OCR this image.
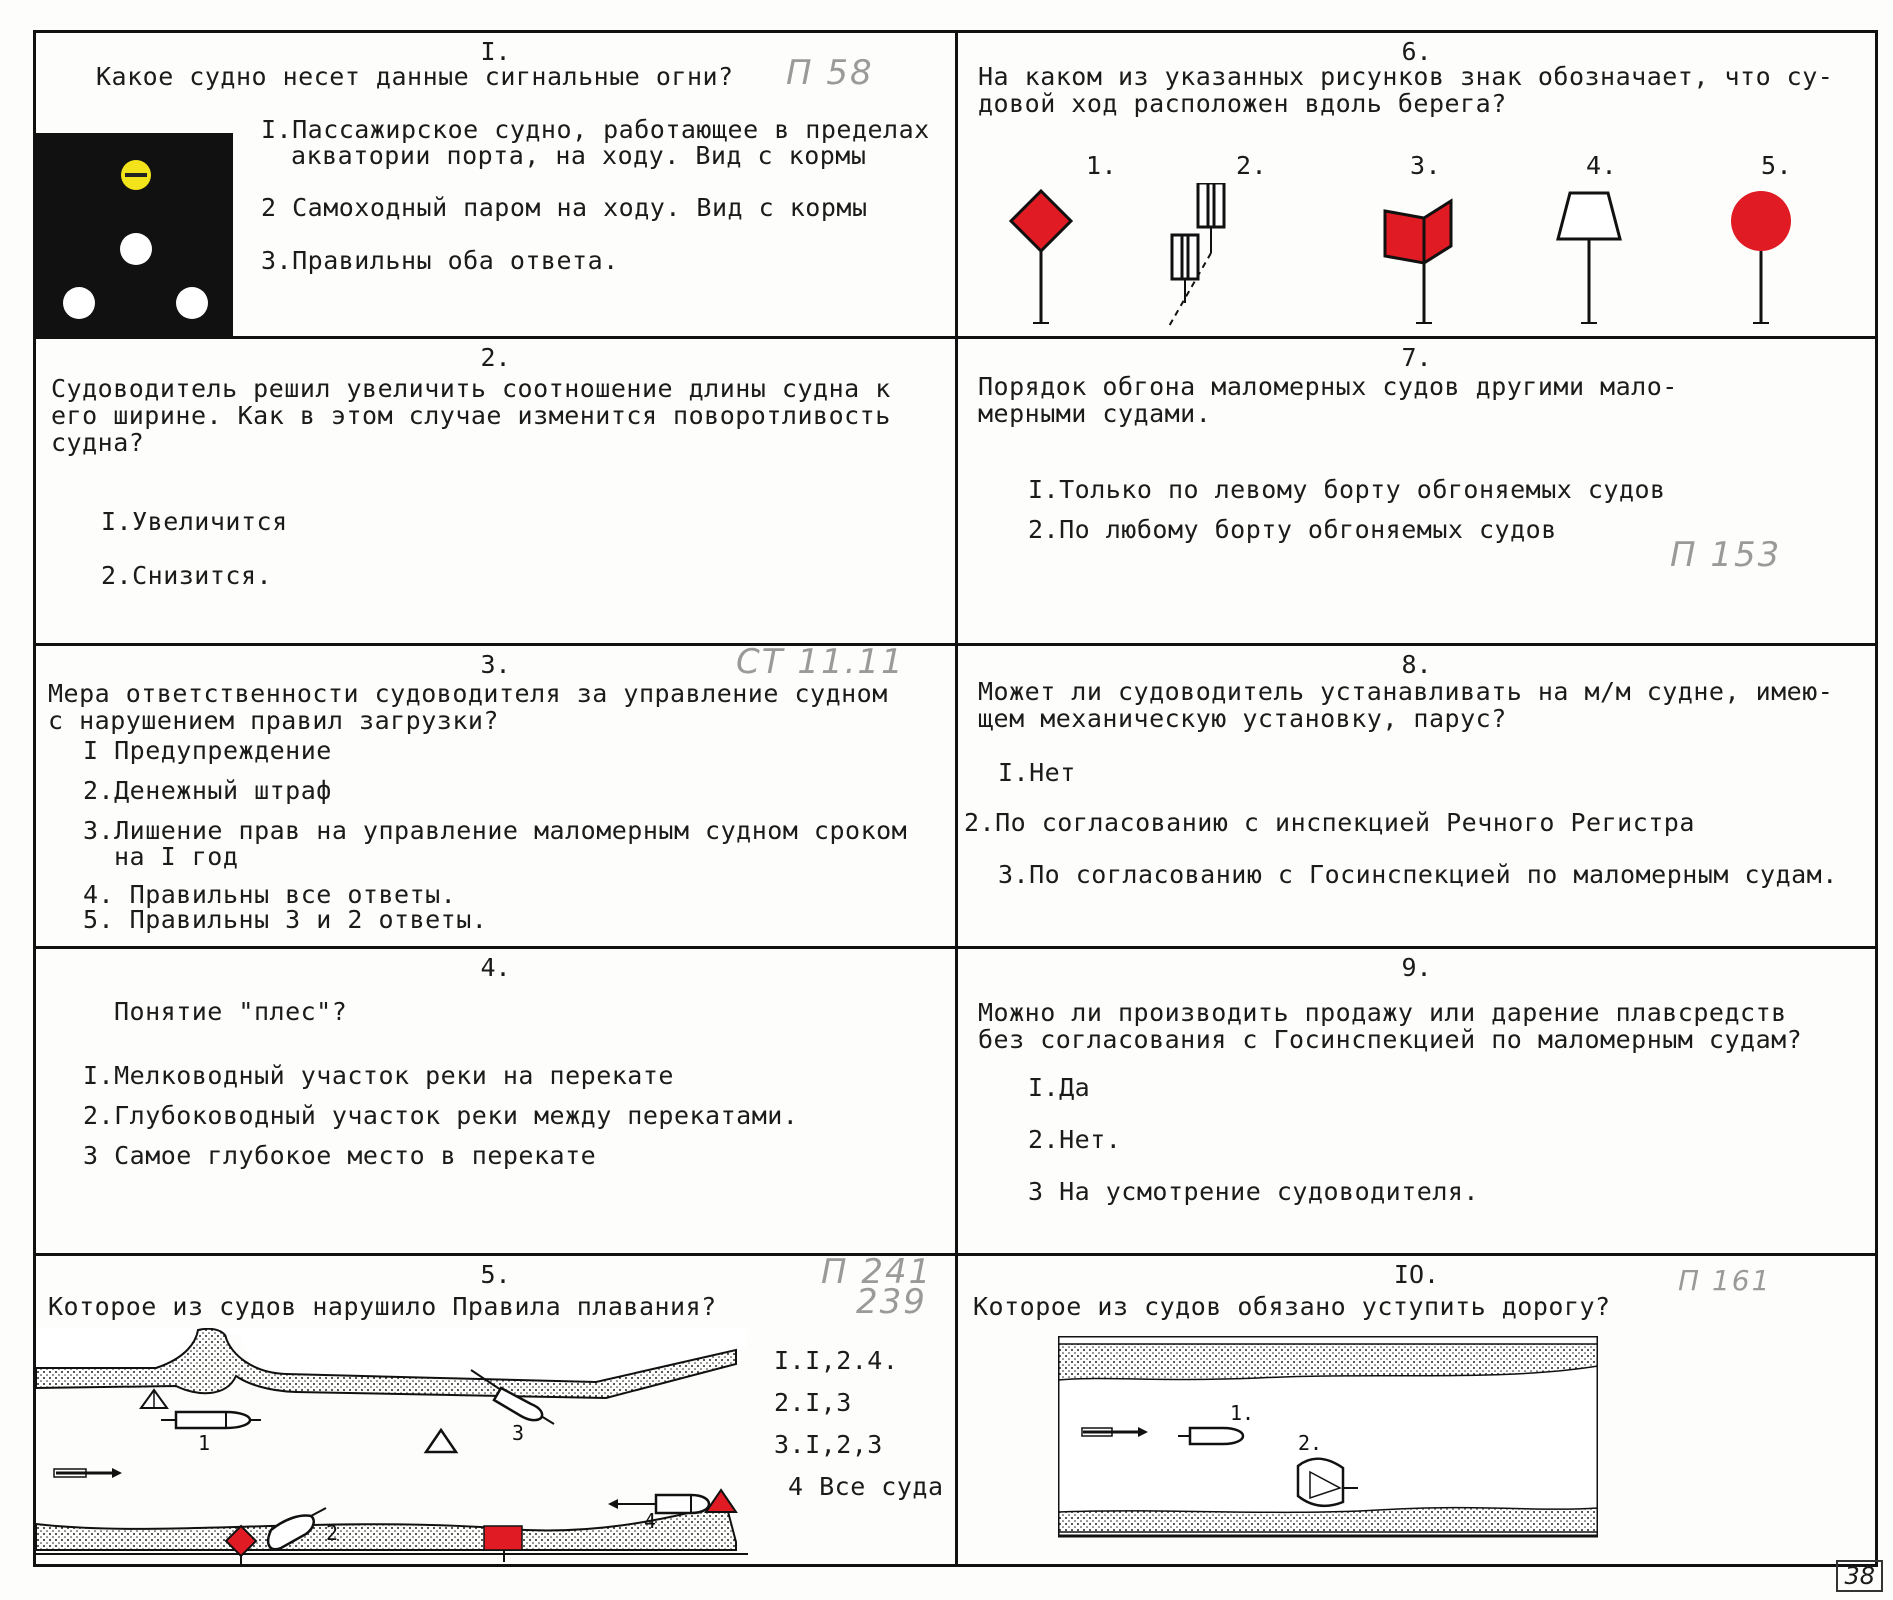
I.
Какое судно несет данные сигнальные огни?	П 58
I.Пассажирское судно, работающее в пределах
акватории порта, на ходу. Вид с кормы
2 Самоходный паром на ходу. Вид с кормы
3.Правильны оба ответа.
6.
На каком из указанных рисунков знак обозначает, что су-
довой ход расположен вдоль берега?
1.	2.	3.	4.	5.
2.
Судоводитель решил увеличить соотношение длины судна к
его ширине. Как в этом случае изменится поворотливость
судна?
I.Увеличится
2.Снизится.
7.
Порядок обгона маломерных судов другими мало-
мерными судами.
I.Только по левому борту обгоняемых судов
2.По любому борту обгоняемых судов
П 153
3.	СТ 11.11
Мера ответственности судоводителя за управление судном
с нарушением правил загрузки?
I Предупреждение
2.Денежный штраф
3.Лишение прав на управление маломерным судном сроком
на I год
4. Правильны все ответы.
5. Правильны 3 и 2 ответы.
8.
Может ли судоводитель устанавливать на м/м судне, имею-
щем механическую установку, парус?
I.Нет
2.По согласованию с инспекцией Речного Регистра
3.По согласованию с Госинспекцией по маломерным судам.
4.
Понятие "плес"?
I.Мелководный участок реки на перекате
2.Глубоководный участок реки между перекатами.
3 Самое глубокое место в перекате
9.
Можно ли производить продажу или дарение плавсредств
без согласования с Госинспекцией по маломерным судам?
I.Да
2.Нет.
3 На усмотрение судоводителя.
5.	П 241
239
Которое из судов нарушило Правила плавания?
1
2
3
4
I.I,2.4.
2.I,3
3.I,2,3
4 Все суда
IO.
Которое из судов обязано уступить дорогу?
П 161
1.
2.
38
